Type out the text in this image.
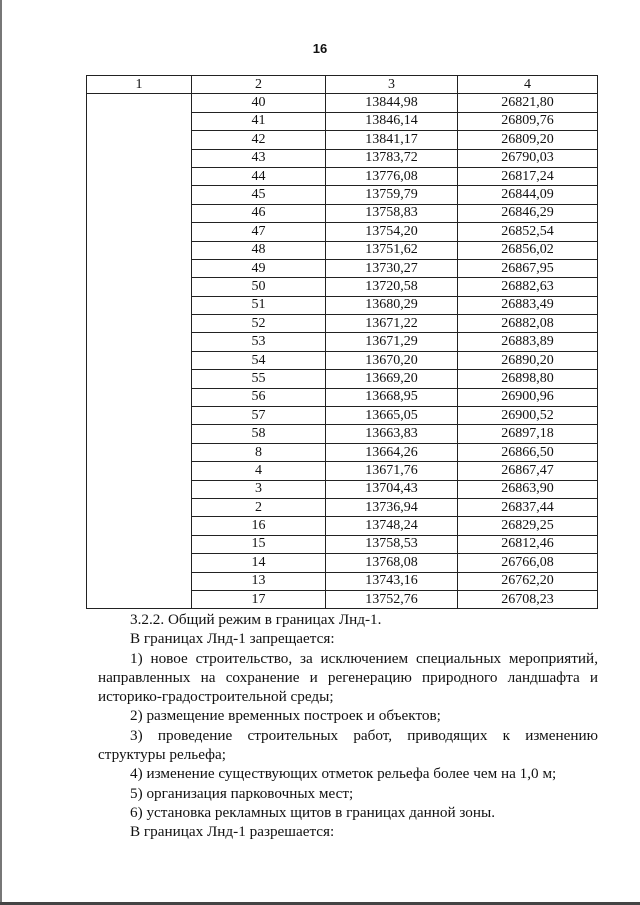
16
1	2	3	4
	40	13844,98	26821,80
	41	13846,14	26809,76
	42	13841,17	26809,20
	43	13783,72	26790,03
	44	13776,08	26817,24
	45	13759,79	26844,09
	46	13758,83	26846,29
	47	13754,20	26852,54
	48	13751,62	26856,02
	49	13730,27	26867,95
	50	13720,58	26882,63
	51	13680,29	26883,49
	52	13671,22	26882,08
	53	13671,29	26883,89
	54	13670,20	26890,20
	55	13669,20	26898,80
	56	13668,95	26900,96
	57	13665,05	26900,52
	58	13663,83	26897,18
	8	13664,26	26866,50
	4	13671,76	26867,47
	3	13704,43	26863,90
	2	13736,94	26837,44
	16	13748,24	26829,25
	15	13758,53	26812,46
	14	13768,08	26766,08
	13	13743,16	26762,20
	17	13752,76	26708,23

3.2.2. Общий режим в границах Лнд-1.

В границах Лнд-1 запрещается:

1) новое строительство, за исключением специальных мероприятий, направленных на сохранение и регенерацию природного ландшафта и историко-градостроительной среды;

2) размещение временных построек и объектов;

3) проведение строительных работ, приводящих к изменению структуры рельефа;

4) изменение существующих отметок рельефа более чем на 1,0 м;

5) организация парковочных мест;

6) установка рекламных щитов в границах данной зоны.

В границах Лнд-1 разрешается:
